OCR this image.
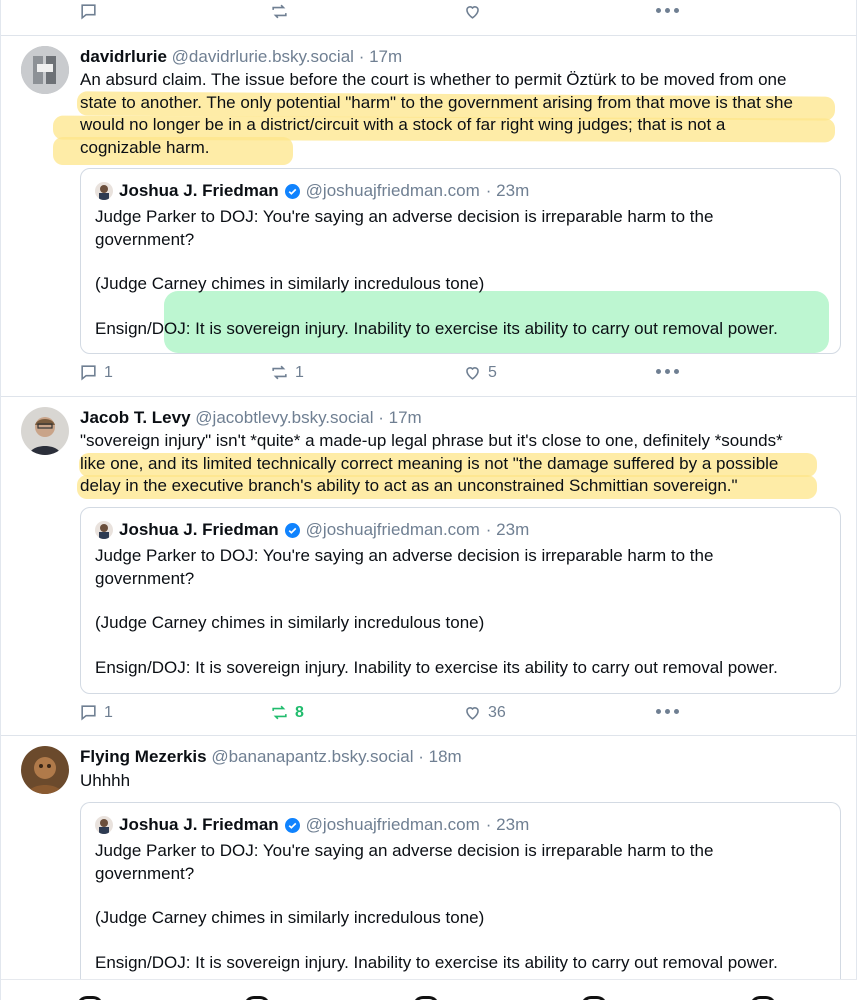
davidrlurie @davidrlurie.bsky.social · 17m
An absurd claim. The issue before the court is whether to permit Öztürk to be moved from one
state to another. The only potential "harm" to the government arising from that move is that she
would no longer be in a district/circuit with a stock of far right wing judges; that is not a
cognizable harm.
Joshua J. Friedman @joshuajfriedman.com · 23m
Judge Parker to DOJ: You're saying an adverse decision is irreparable harm to the
government?
(Judge Carney chimes in similarly incredulous tone)
Ensign/DOJ: It is sovereign injury. Inability to exercise its ability to carry out removal power.
1	1	5
Jacob T. Levy @jacobtlevy.bsky.social · 17m
"sovereign injury" isn't *quite* a made-up legal phrase but it's close to one, definitely *sounds*
like one, and its limited technically correct meaning is not "the damage suffered by a possible
delay in the executive branch's ability to act as an unconstrained Schmittian sovereign."
Joshua J. Friedman @joshuajfriedman.com · 23m
Judge Parker to DOJ: You're saying an adverse decision is irreparable harm to the
government?
(Judge Carney chimes in similarly incredulous tone)
Ensign/DOJ: It is sovereign injury. Inability to exercise its ability to carry out removal power.
1	8	36
Flying Mezerkis @bananapantz.bsky.social · 18m
Uhhhh
Joshua J. Friedman @joshuajfriedman.com · 23m
Judge Parker to DOJ: You're saying an adverse decision is irreparable harm to the
government?
(Judge Carney chimes in similarly incredulous tone)
Ensign/DOJ: It is sovereign injury. Inability to exercise its ability to carry out removal power.
